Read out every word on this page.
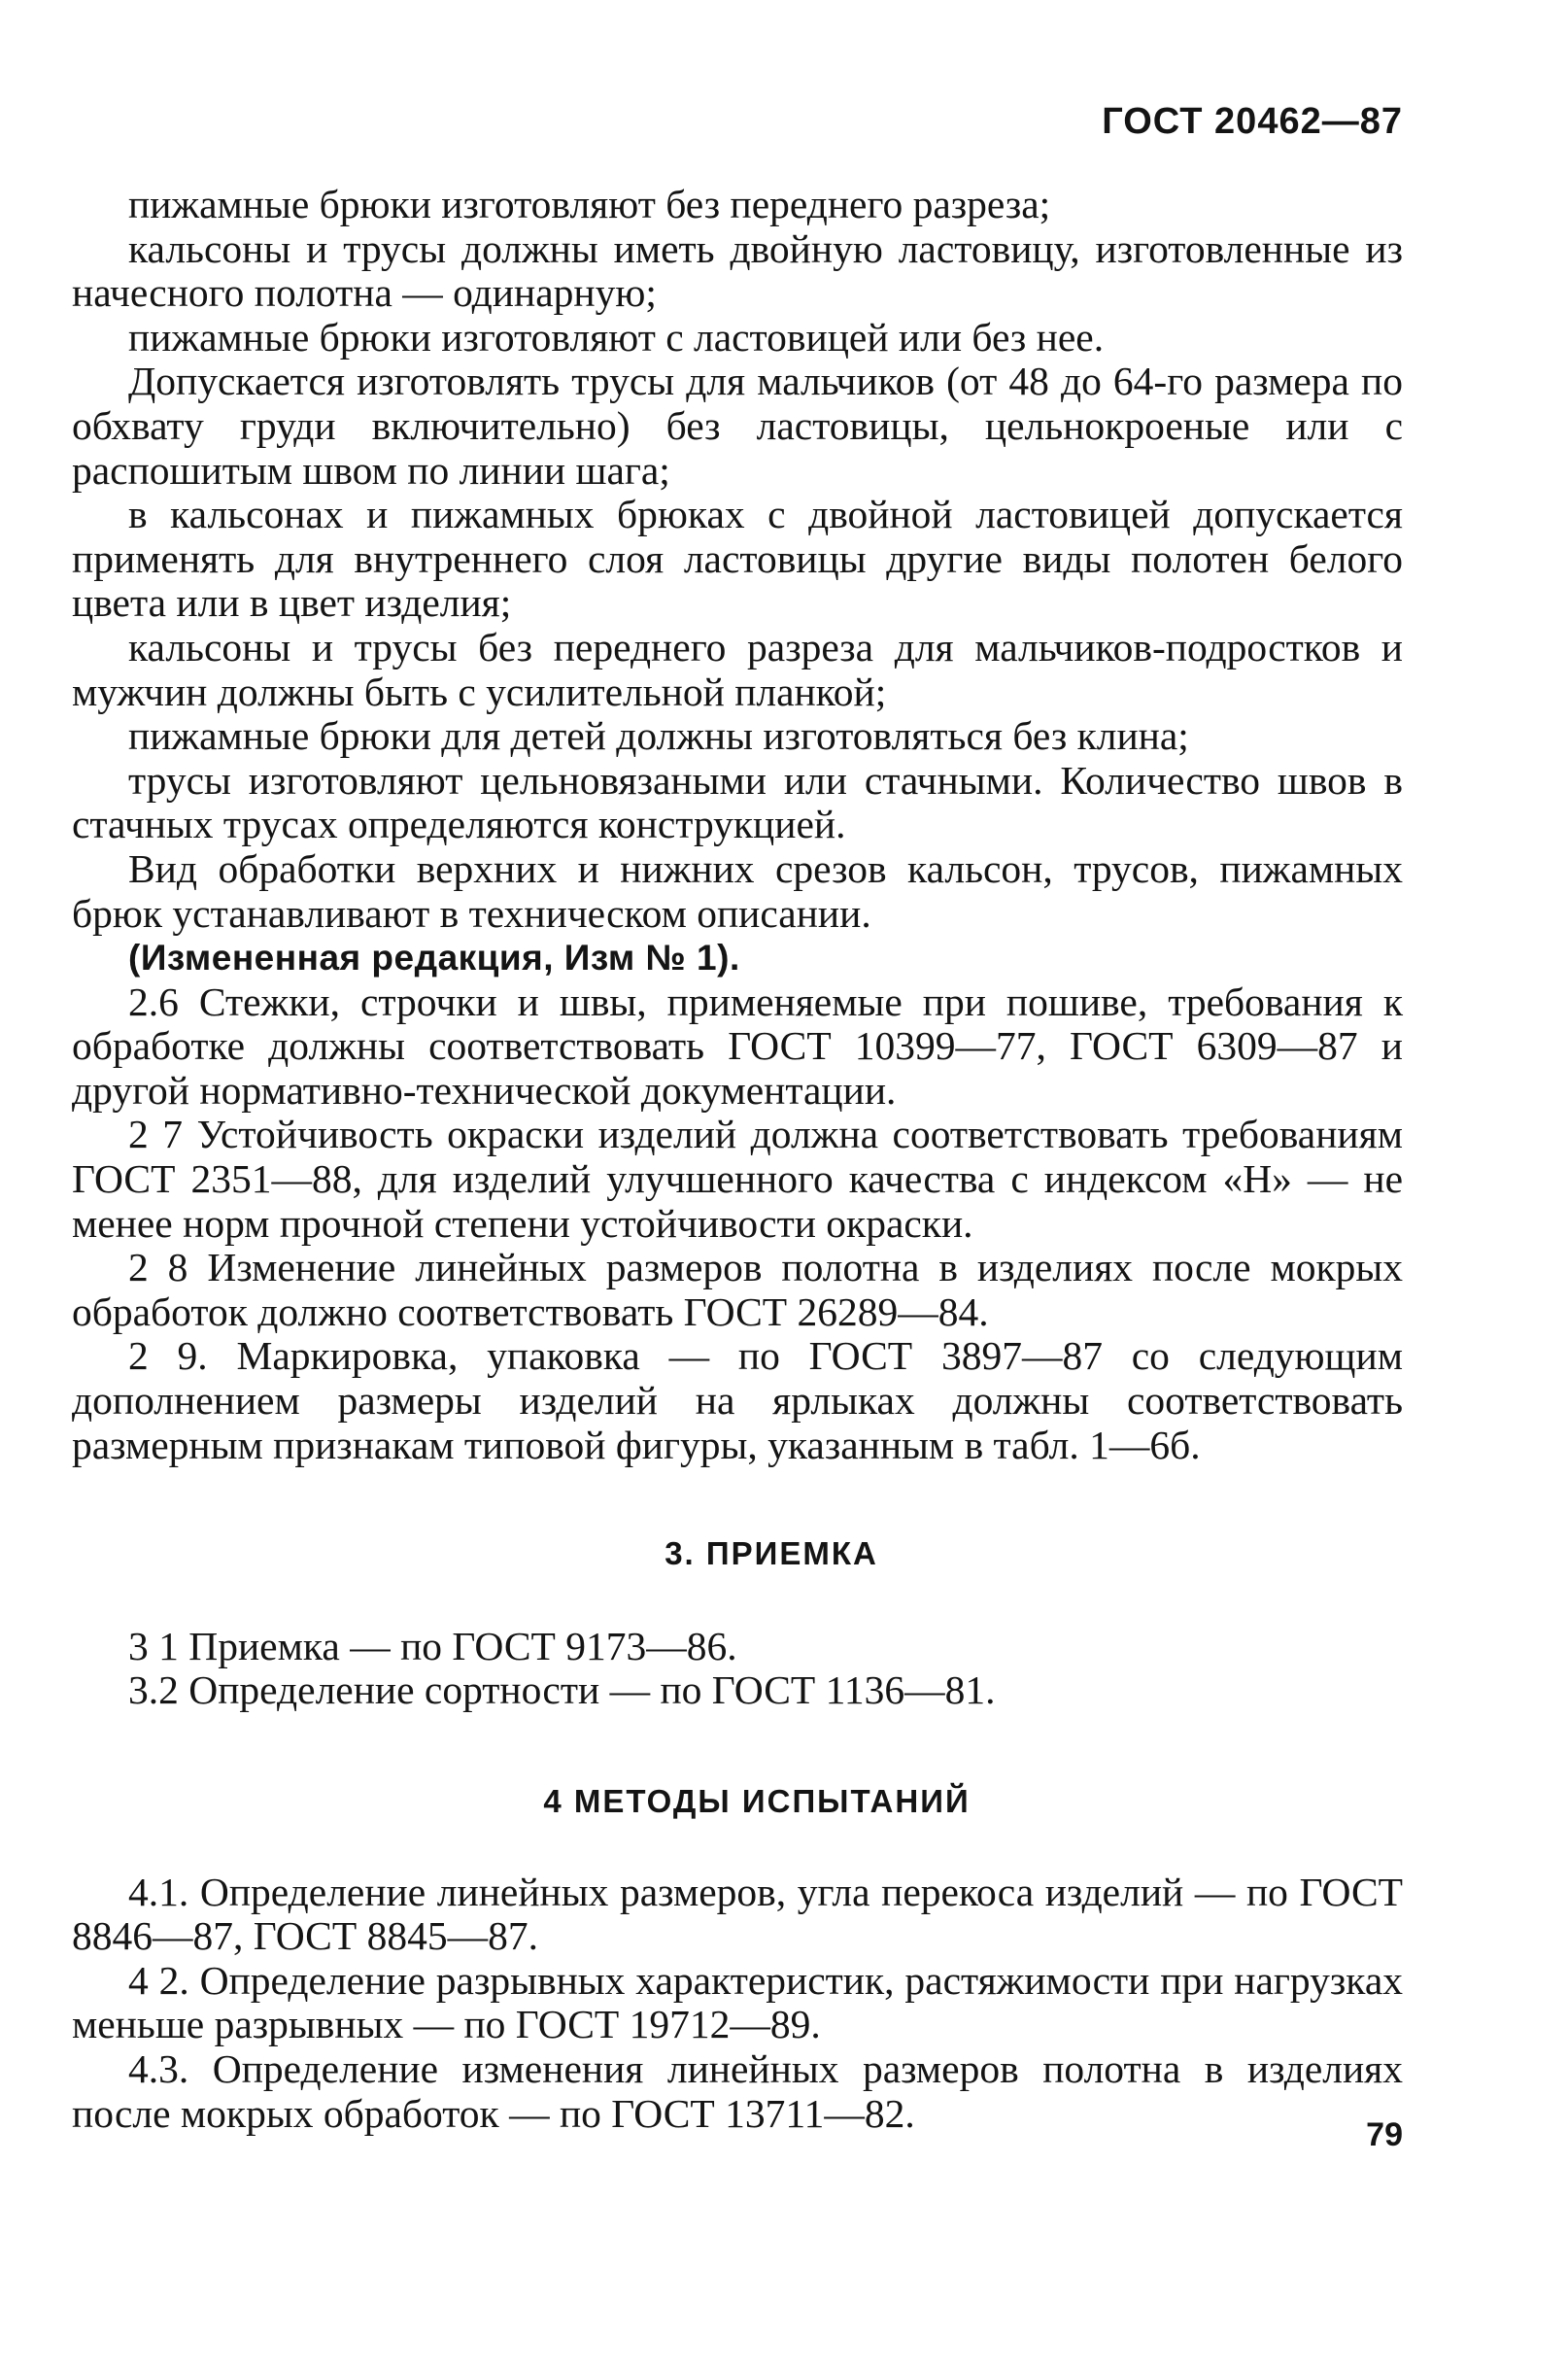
ГОСТ 20462—87

пижамные брюки изготовляют без переднего разреза;

кальсоны и трусы должны иметь двойную ластовицу, изготовленные из начесного полотна — одинарную;

пижамные брюки изготовляют с ластовицей или без нее.

Допускается изготовлять трусы для мальчиков (от 48 до 64-го размера по обхвату груди включительно) без ластовицы, цельнокроеные или с распошитым швом по линии шага;

в кальсонах и пижамных брюках с двойной ластовицей допускается применять для внутреннего слоя ластовицы другие виды полотен белого цвета или в цвет изделия;

кальсоны и трусы без переднего разреза для мальчиков-подростков и мужчин должны быть с усилительной планкой;

пижамные брюки для детей должны изготовляться без клина;

трусы изготовляют цельновязаными или стачными. Количество швов в стачных трусах определяются конструкцией.

Вид обработки верхних и нижних срезов кальсон, трусов, пижамных брюк устанавливают в техническом описании.

(Измененная редакция, Изм № 1).

2.6 Стежки, строчки и швы, применяемые при пошиве, требования к обработке должны соответствовать ГОСТ 10399—77, ГОСТ 6309—87 и другой нормативно-технической документации.

2 7 Устойчивость окраски изделий должна соответствовать требованиям ГОСТ 2351—88, для изделий улучшенного качества с индексом «Н» — не менее норм прочной степени устойчивости окраски.

2 8 Изменение линейных размеров полотна в изделиях после мокрых обработок должно соответствовать ГОСТ 26289—84.

2 9. Маркировка, упаковка — по ГОСТ 3897—87 со следующим дополнением размеры изделий на ярлыках должны соответствовать размерным признакам типовой фигуры, указанным в табл. 1—6б.

3. ПРИЕМКА

3 1 Приемка — по ГОСТ 9173—86.

3.2 Определение сортности — по ГОСТ 1136—81.

4 МЕТОДЫ ИСПЫТАНИЙ

4.1. Определение линейных размеров, угла перекоса изделий — по ГОСТ 8846—87, ГОСТ 8845—87.

4 2. Определение разрывных характеристик, растяжимости при нагрузках меньше разрывных — по ГОСТ 19712—89.

4.3. Определение изменения линейных размеров полотна в изделиях после мокрых обработок — по ГОСТ 13711—82.	79
